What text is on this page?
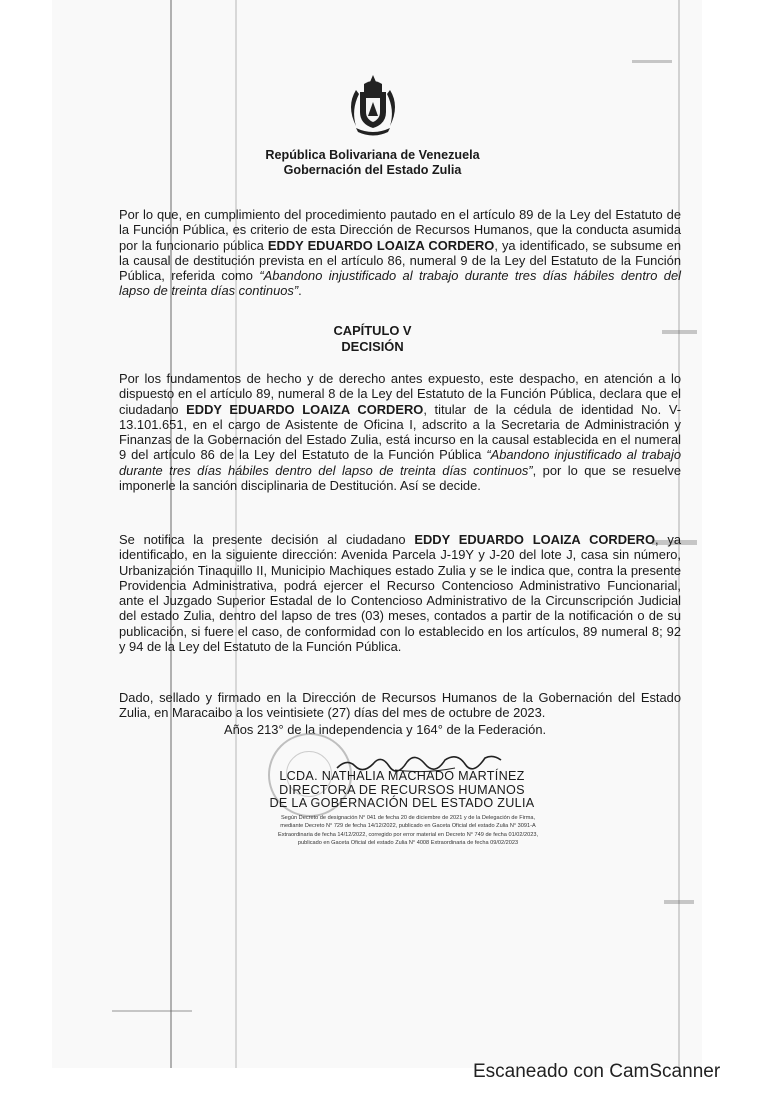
República Bolivariana de Venezuela
Gobernación del Estado Zulia

Por lo que, en cumplimiento del procedimiento pautado en el artículo 89 de la Ley del Estatuto de la Función Pública, es criterio de esta Dirección de Recursos Humanos, que la conducta asumida por la funcionario pública EDDY EDUARDO LOAIZA CORDERO, ya identificado, se subsume en la causal de destitución prevista en el artículo 86, numeral 9 de la Ley del Estatuto de la Función Pública, referida como “Abandono injustificado al trabajo durante tres días hábiles dentro del lapso de treinta días continuos”.

CAPÍTULO V
DECISIÓN

Por los fundamentos de hecho y de derecho antes expuesto, este despacho, en atención a lo dispuesto en el artículo 89, numeral 8 de la Ley del Estatuto de la Función Pública, declara que el ciudadano EDDY EDUARDO LOAIZA CORDERO, titular de la cédula de identidad No. V-13.101.651, en el cargo de Asistente de Oficina I, adscrito a la Secretaria de Administración y Finanzas de la Gobernación del Estado Zulia, está incurso en la causal establecida en el numeral 9 del artículo 86 de la Ley del Estatuto de la Función Pública “Abandono injustificado al trabajo durante tres días hábiles dentro del lapso de treinta días continuos”, por lo que se resuelve imponerle la sanción disciplinaria de Destitución. Así se decide.

Se notifica la presente decisión al ciudadano EDDY EDUARDO LOAIZA CORDERO, ya identificado, en la siguiente dirección: Avenida Parcela J-19Y y J-20 del lote J, casa sin número, Urbanización Tinaquillo II, Municipio Machiques estado Zulia y se le indica que, contra la presente Providencia Administrativa, podrá ejercer el Recurso Contencioso Administrativo Funcionarial, ante el Juzgado Superior Estadal de lo Contencioso Administrativo de la Circunscripción Judicial del estado Zulia, dentro del lapso de tres (03) meses, contados a partir de la notificación o de su publicación, si fuere el caso, de conformidad con lo establecido en los artículos, 89 numeral 8; 92 y 94 de la Ley del Estatuto de la Función Pública.

Dado, sellado y firmado en la Dirección de Recursos Humanos de la Gobernación del Estado Zulia, en Maracaibo a los veintisiete (27) días del mes de octubre de 2023.

Años 213° de la independencia y 164° de la Federación.
LCDA. NATHALIA MACHADO MARTÍNEZ
DIRECTORA DE RECURSOS HUMANOS
DE LA GOBERNACIÓN DEL ESTADO ZULIA
Según Decreto de designación N° 041 de fecha 20 de diciembre de 2021 y de la Delegación de Firma,
mediante Decreto N° 729 de fecha 14/12/2022, publicado en Gaceta Oficial del estado Zulia N° 3091-A
Extraordinaria de fecha 14/12/2022, corregido por error material en Decreto N° 749 de fecha 01/02/2023,
publicado en Gaceta Oficial del estado Zulia N° 4008 Extraordinaria de fecha 09/02/2023
Escaneado con CamScanner
